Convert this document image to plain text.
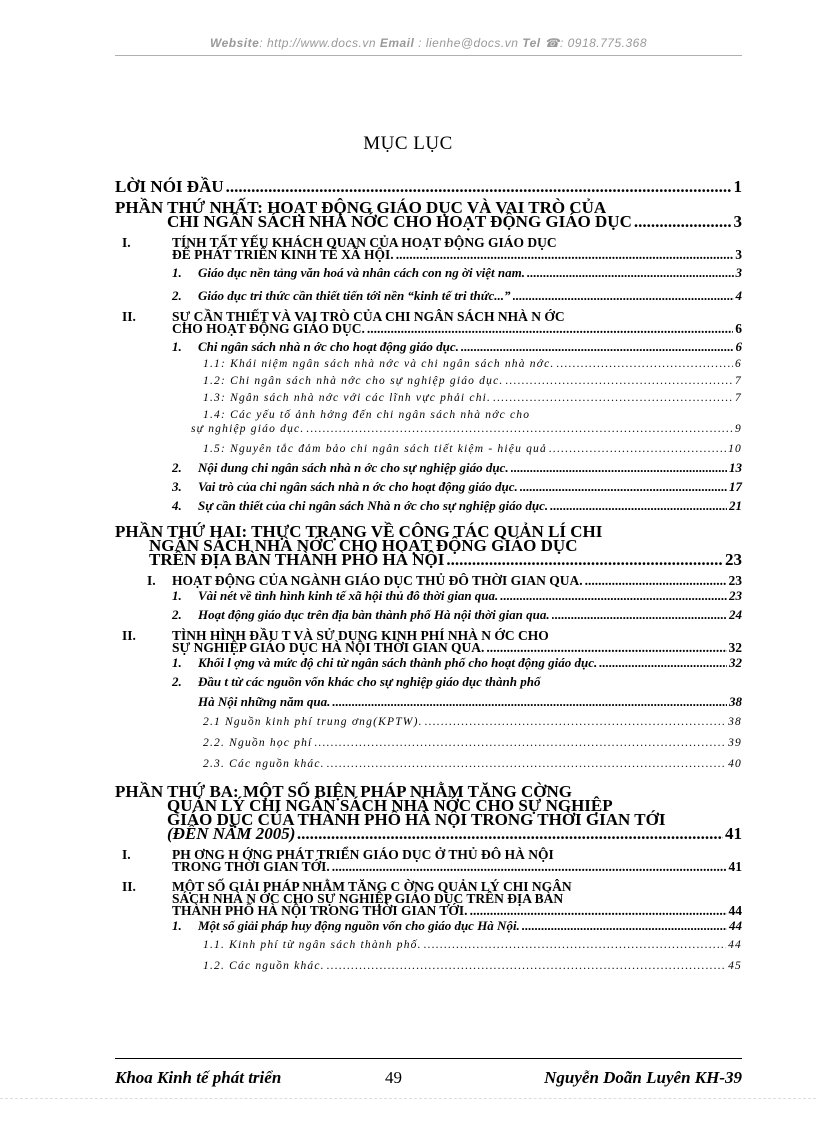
Website: http://www.docs.vn Email : lienhe@docs.vn Tel ☎: 0918.775.368
MỤC LỤC
LỜI NÓI ĐẦU .....	1
PHẦN THỨ NHẤT: HOẠT ĐỘNG GIÁO DỤC VÀ VAI TRÒ CỦA
CHI NGÂN SÁCH NHÀ NỚC CHO HOẠT ĐỘNG GIÁO DỤC .....	3
I.	TÍNH TẤT YẾU KHÁCH QUAN CỦA HOẠT ĐỘNG GIÁO DỤC
ĐỂ PHÁT TRIỂN KINH TẾ XÃ HỘI. .....	3
1.	Giáo dục nền tảng văn hoá và nhân cách con ng ời việt nam. .....	3
2.	Giáo dục tri thức cần thiết tiến tới nền “kinh tế tri thức...” .....	4
II.	SỰ CẦN THIẾT VÀ VAI TRÒ CỦA CHI NGÂN SÁCH NHÀ N ỚC
CHO HOẠT ĐỘNG GIÁO DỤC. .....	6
1.	Chi ngân sách nhà n ớc cho hoạt động giáo dục. .....	6
1.1: Khái niệm ngân sách nhà nớc và chi ngân sách nhà nớc. .....	6
1.2: Chi ngân sách nhà nớc cho sự nghiệp giáo dục. .....	7
1.3: Ngân sách nhà nớc với các lĩnh vực phải chi. .....	7
1.4: Các yếu tố ảnh hởng đến chi ngân sách nhà nớc cho
sự nghiệp giáo dục. .....	9
1.5: Nguyên tắc đảm bảo chi ngân sách tiết kiệm - hiệu quả .....	10
2.	Nội dung chi ngân sách nhà n ớc cho sự nghiệp giáo dục. .....	13
3.	Vai trò của chi ngân sách nhà n ớc cho hoạt động giáo dục. .....	17
4.	Sự cần thiết của chi ngân sách Nhà n ớc cho sự nghiệp giáo dục. .....	21
PHẦN THỨ HAI: THỰC TRẠNG VỀ CÔNG TÁC QUẢN LÍ CHI
NGÂN SÁCH NHÀ NỚC CHO HOẠT ĐỘNG GIÁO DỤC
TRÊN ĐỊA BÀN THÀNH PHỐ HÀ NỘI .....	23
I.	HOẠT ĐỘNG CỦA NGÀNH GIÁO DỤC THỦ ĐÔ THỜI GIAN QUA. .....	23
1.	Vài nét về tình hình kinh tế xã hội thủ đô thời gian qua. .....	23
2.	Hoạt động giáo dục trên địa bàn thành phố Hà nội thời gian qua. .....	24
II.	TÌNH HÌNH ĐẦU T VÀ SỬ DỤNG KINH PHÍ NHÀ N ỚC CHO
SỰ NGHIỆP GIÁO DỤC HÀ NỘI THỜI GIAN QUA. .....	32
1.	Khối l ợng và mức độ chi từ ngân sách thành phố cho hoạt động giáo dục. .....	32
2. Đầu t từ các nguồn vốn khác cho sự nghiệp giáo dục thành phố
Hà Nội những năm qua. .....	38
2.1 Nguồn kinh phí trung ơng(KPTW). .....	38
2.2. Nguồn học phí .....	39
2.3. Các nguồn khác. .....	40
PHẦN THỨ BA: MỘT SỐ BIỆN PHÁP NHẰM TĂNG CỜNG
QUẢN LÝ CHI NGÂN SÁCH NHÀ NỚC CHO SỰ NGHIỆP
GIÁO DỤC CỦA THÀNH PHỐ HÀ NỘI TRONG THỜI GIAN TỚI
(ĐẾN NĂM 2005) .....	41
I.	PH ƠNG H ỚNG PHÁT TRIỂN GIÁO DỤC Ở THỦ ĐÔ HÀ NỘI
TRONG THỜI GIAN TỚI. .....	41
II.	MỘT SỐ GIẢI PHÁP NHẰM TĂNG C ỜNG QUẢN LÝ CHI NGÂN
SÁCH NHÀ N ỚC CHO SỰ NGHIỆP GIÁO DỤC TRÊN ĐỊA BÀN
THÀNH PHỐ HÀ NỘI TRONG THỜI GIAN TỚI. .....	44
1.	Một số giải pháp huy động nguồn vốn cho giáo dục Hà Nội. .....	44
1.1. Kinh phí từ ngân sách thành phố. .....	44
1.2. Các nguồn khác. .....	45
Khoa Kinh tế phát triển	49	Nguyễn Doãn Luyên KH-39
